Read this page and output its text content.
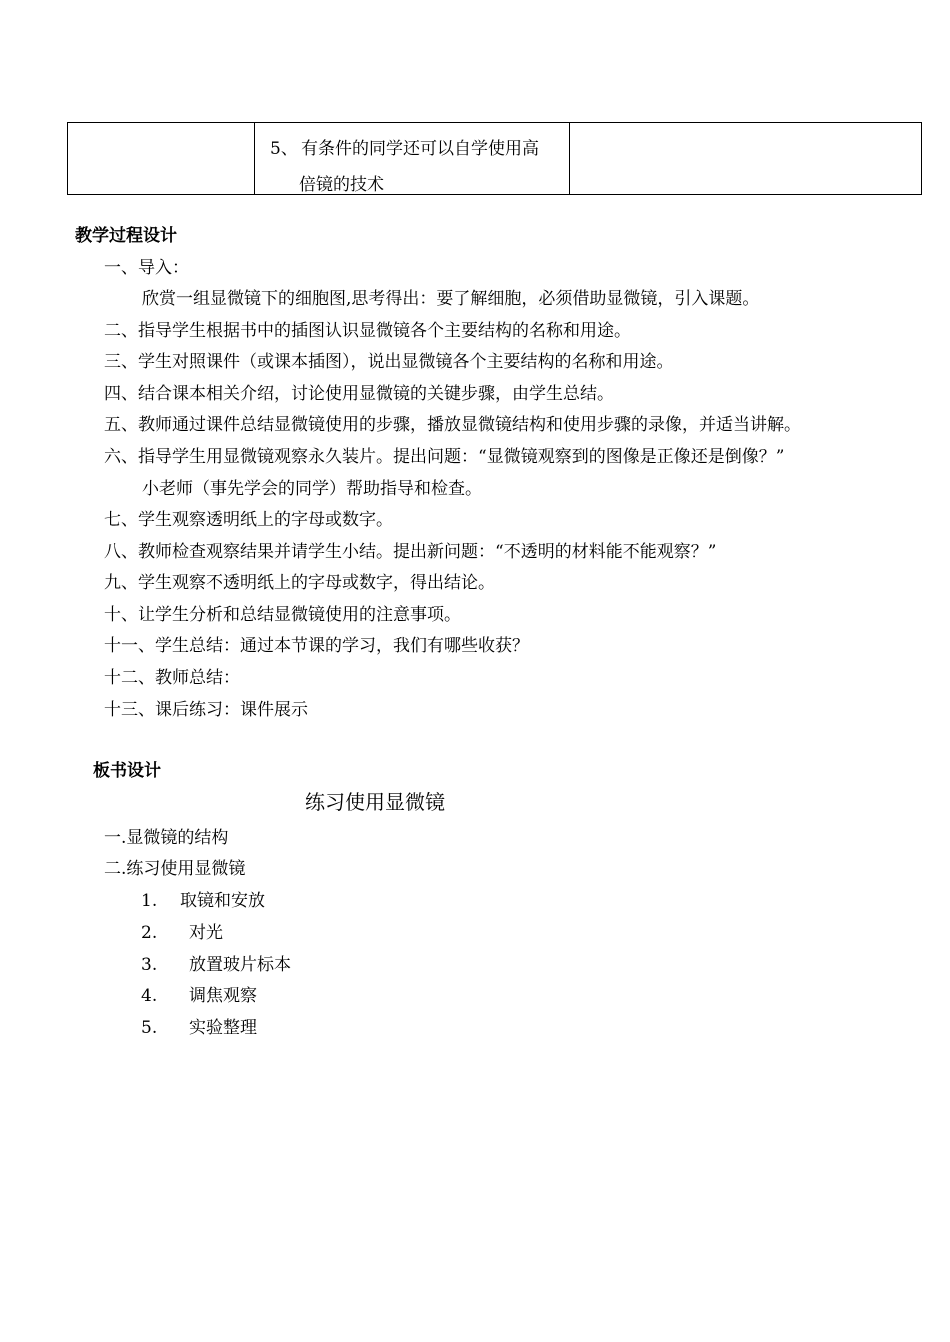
5、 有条件的同学还可以自学使用高
倍镜的技术
教学过程设计
一、导入：
欣赏一组显微镜下的细胞图,思考得出：要了解细胞，必须借助显微镜，引入课题。
二、指导学生根据书中的插图认识显微镜各个主要结构的名称和用途。
三、学生对照课件（或课本插图），说出显微镜各个主要结构的名称和用途。
四、结合课本相关介绍，讨论使用显微镜的关键步骤，由学生总结。
五、教师通过课件总结显微镜使用的步骤，播放显微镜结构和使用步骤的录像，并适当讲解。
六、指导学生用显微镜观察永久装片。提出问题：“显微镜观察到的图像是正像还是倒像？”
小老师（事先学会的同学）帮助指导和检查。
七、学生观察透明纸上的字母或数字。
八、教师检查观察结果并请学生小结。提出新问题：“不透明的材料能不能观察？”
九、学生观察不透明纸上的字母或数字，得出结论。
十、让学生分析和总结显微镜使用的注意事项。
十一、学生总结：通过本节课的学习，我们有哪些收获？
十二、教师总结：
十三、课后练习：课件展示
板书设计
练习使用显微镜
一.显微镜的结构
二.练习使用显微镜
1. 取镜和安放
2. 对光
3. 放置玻片标本
4. 调焦观察
5. 实验整理
